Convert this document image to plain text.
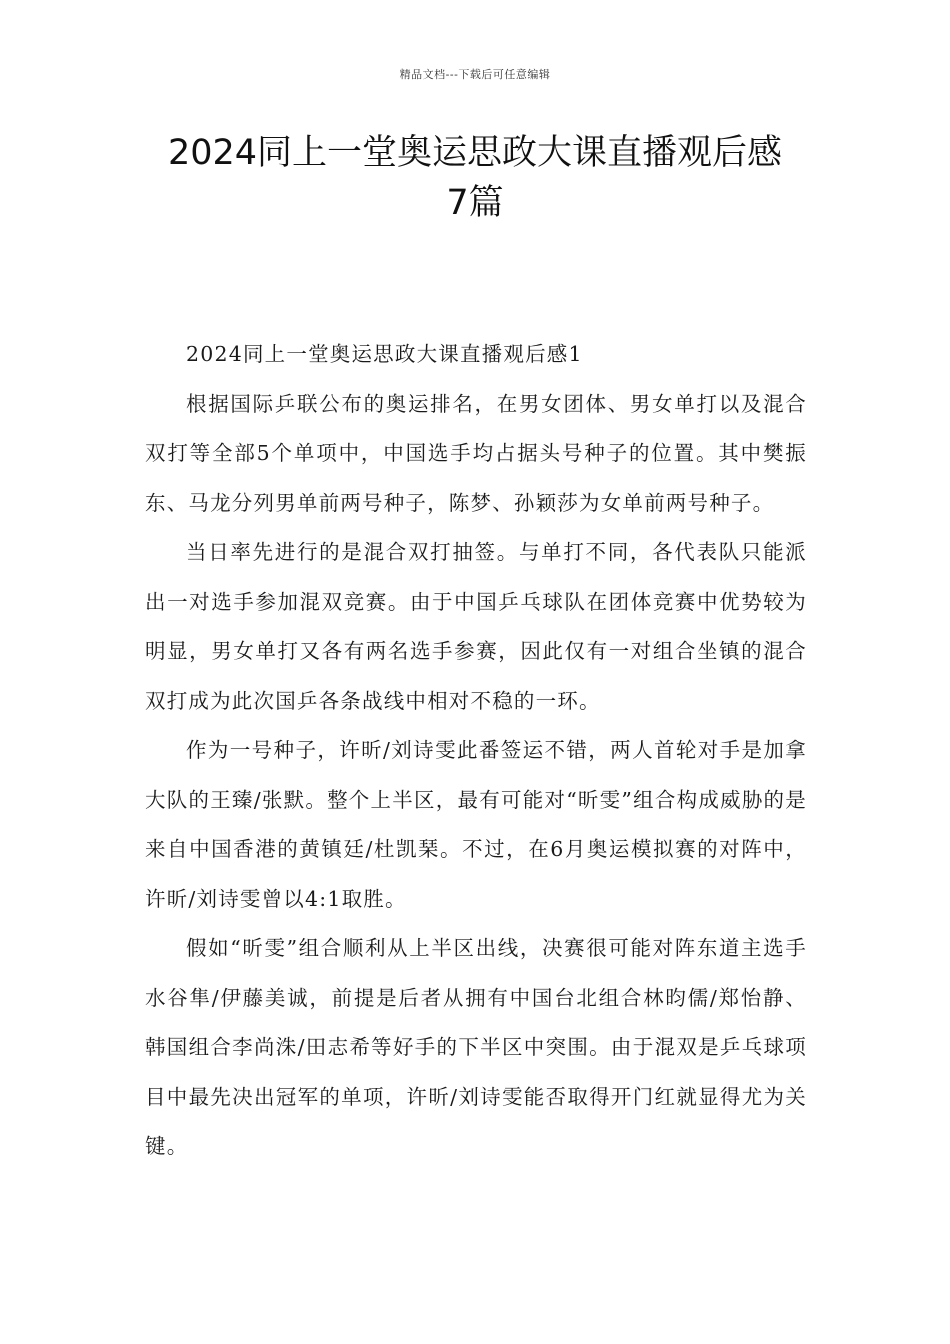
精品文档---下载后可任意编辑
2024同上一堂奥运思政大课直播观后感
7篇

2024同上一堂奥运思政大课直播观后感1

根据国际乒联公布的奥运排名，在男女团体、男女单打以及混合双打等全部5个单项中，中国选手均占据头号种子的位置。其中樊振东、马龙分列男单前两号种子，陈梦、孙颖莎为女单前两号种子。

当日率先进行的是混合双打抽签。与单打不同，各代表队只能派出一对选手参加混双竞赛。由于中国乒乓球队在团体竞赛中优势较为明显，男女单打又各有两名选手参赛，因此仅有一对组合坐镇的混合双打成为此次国乒各条战线中相对不稳的一环。

作为一号种子，许昕/刘诗雯此番签运不错，两人首轮对手是加拿大队的王臻/张默。整个上半区，最有可能对“昕雯”组合构成威胁的是来自中国香港的黄镇廷/杜凯琹。不过，在6月奥运模拟赛的对阵中，许昕/刘诗雯曾以4:1取胜。

假如“昕雯”组合顺利从上半区出线，决赛很可能对阵东道主选手水谷隼/伊藤美诚，前提是后者从拥有中国台北组合林昀儒/郑怡静、韩国组合李尚洙/田志希等好手的下半区中突围。由于混双是乒乓球项目中最先决出冠军的单项，许昕/刘诗雯能否取得开门红就显得尤为关键。
